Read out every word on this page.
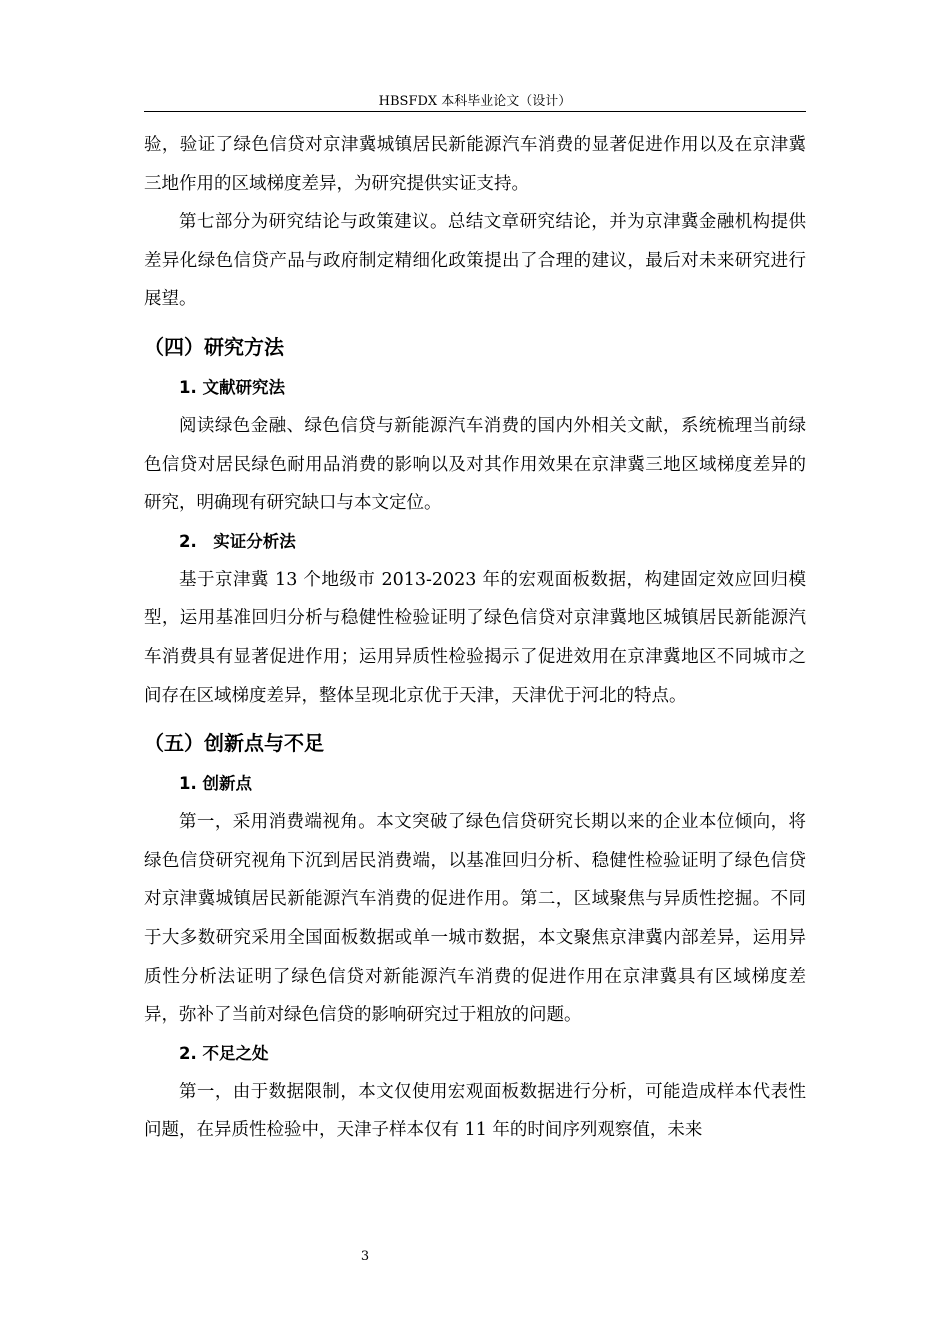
HBSFDX 本科毕业论文（设计）

验，验证了绿色信贷对京津冀城镇居民新能源汽车消费的显著促进作用以及在京津冀三地作用的区域梯度差异，为研究提供实证支持。

第七部分为研究结论与政策建议。总结文章研究结论，并为京津冀金融机构提供差异化绿色信贷产品与政府制定精细化政策提出了合理的建议，最后对未来研究进行展望。

（四）研究方法
1. 文献研究法

阅读绿色金融、绿色信贷与新能源汽车消费的国内外相关文献，系统梳理当前绿色信贷对居民绿色耐用品消费的影响以及对其作用效果在京津冀三地区域梯度差异的研究，明确现有研究缺口与本文定位。

2.　实证分析法

基于京津冀 13 个地级市 2013-2023 年的宏观面板数据，构建固定效应回归模型，运用基准回归分析与稳健性检验证明了绿色信贷对京津冀地区城镇居民新能源汽车消费具有显著促进作用；运用异质性检验揭示了促进效用在京津冀地区不同城市之间存在区域梯度差异，整体呈现北京优于天津，天津优于河北的特点。

（五）创新点与不足
1. 创新点

第一，采用消费端视角。本文突破了绿色信贷研究长期以来的企业本位倾向，将绿色信贷研究视角下沉到居民消费端，以基准回归分析、稳健性检验证明了绿色信贷对京津冀城镇居民新能源汽车消费的促进作用。第二，区域聚焦与异质性挖掘。不同于大多数研究采用全国面板数据或单一城市数据，本文聚焦京津冀内部差异，运用异质性分析法证明了绿色信贷对新能源汽车消费的促进作用在京津冀具有区域梯度差异，弥补了当前对绿色信贷的影响研究过于粗放的问题。

2. 不足之处

第一，由于数据限制，本文仅使用宏观面板数据进行分析，可能造成样本代表性问题，在异质性检验中，天津子样本仅有 11 年的时间序列观察值，未来

3
